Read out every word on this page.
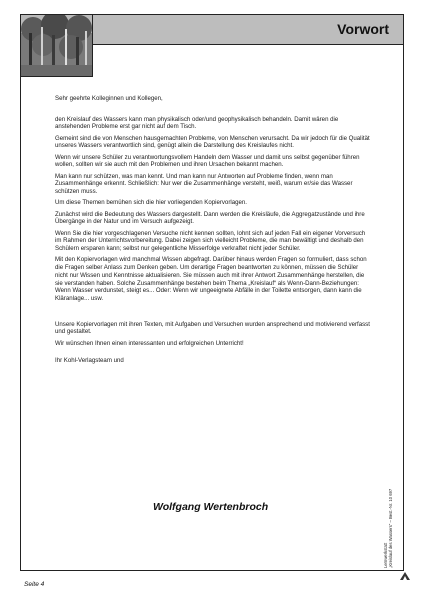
Vorwort

Sehr geehrte Kolleginnen und Kollegen,

den Kreislauf des Wassers kann man physikalisch oder/und geophysikalisch behandeln. Damit wären die anstehenden Probleme erst gar nicht auf dem Tisch.

Gemeint sind die von Menschen hausgemachten Probleme, von Menschen verursacht. Da wir jedoch für die Qualität unseres Wassers verantwortlich sind, genügt allein die Darstellung des Kreislaufes nicht.

Wenn wir unsere Schüler zu verantwortungsvollem Handeln dem Wasser und damit uns selbst gegenüber führen wollen, sollten wir sie auch mit den Problemen und ihren Ursachen bekannt machen.

Man kann nur schützen, was man kennt. Und man kann nur Antworten auf Probleme finden, wenn man Zusammenhänge erkennt. Schließlich: Nur wer die Zusammenhänge versteht, weiß, warum er/sie das Wasser schützen muss.

Um diese Themen bemühen sich die hier vorliegenden Kopiervorlagen.

Zunächst wird die Bedeutung des Wassers dargestellt. Dann werden die Kreisläufe, die Aggregatzustände und ihre Übergänge in der Natur und im Versuch aufgezeigt.

Wenn Sie die hier vorgeschlagenen Versuche nicht kennen sollten, lohnt sich auf jeden Fall ein eigener Vorversuch im Rahmen der Unterrichtsvorbereitung. Dabei zeigen sich vielleicht Probleme, die man bewältigt und deshalb den Schülern ersparen kann; selbst nur gelegentliche Misserfolge verkraftet nicht jeder Schüler.

Mit den Kopiervorlagen wird manchmal Wissen abgefragt. Darüber hinaus werden Fragen so formuliert, dass schon die Fragen selber Anlass zum Denken geben. Um derartige Fragen beantworten zu können, müssen die Schüler nicht nur Wissen und Kenntnisse aktualisieren. Sie müssen auch mit ihrer Antwort Zusammenhänge herstellen, die sie verstanden haben. Solche Zusammenhänge bestehen beim Thema „Kreislauf“ als Wenn-Dann-Beziehungen: Wenn Wasser verdunstet, steigt es... Oder: Wenn wir ungeeignete Abfälle in der Toilette entsorgen, dann kann die Kläranlage... usw.

Unsere Kopiervorlagen mit ihren Texten, mit Aufgaben und Versuchen wurden ansprechend und motivierend verfasst und gestaltet.

Wir wünschen Ihnen einen interessanten und erfolgreichen Unterricht!

Ihr Kohl-Verlagsteam und

Wolfgang Wertenbroch
Lernwerkstatt „Kreislauf des Wassers“ – Best.-Nr. 10 697
Seite 4
